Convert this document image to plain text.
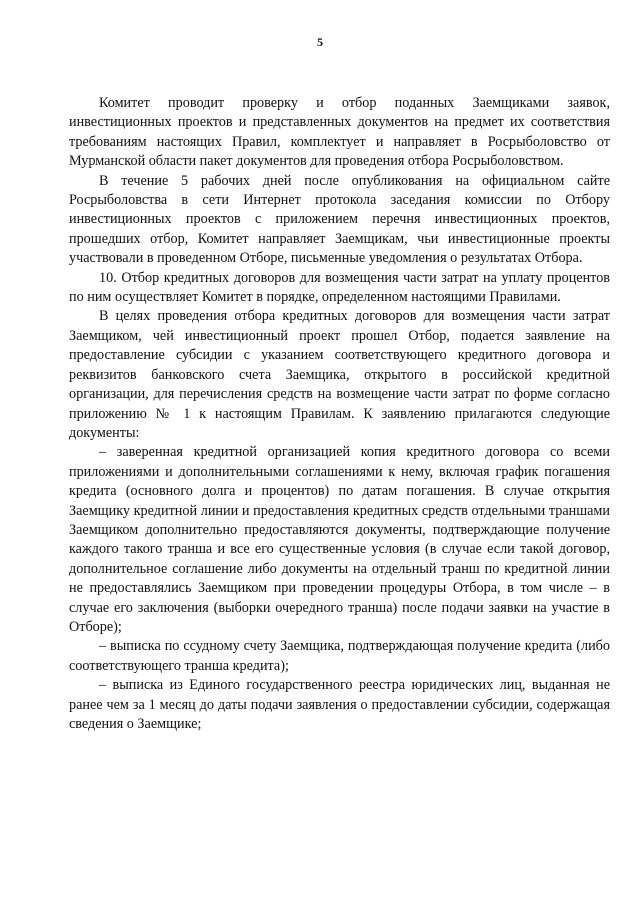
5

Комитет проводит проверку и отбор поданных Заемщиками заявок, инвестиционных проектов и представленных документов на предмет их соответствия требованиям настоящих Правил, комплектует и направляет в Росрыболовство от Мурманской области пакет документов для проведения отбора Росрыболовством.

В течение 5 рабочих дней после опубликования на официальном сайте Росрыболовства в сети Интернет протокола заседания комиссии по Отбору инвестиционных проектов с приложением перечня инвестиционных проектов, прошедших отбор, Комитет направляет Заемщикам, чьи инвестиционные проекты участвовали в проведенном Отборе, письменные уведомления о результатах Отбора.

10. Отбор кредитных договоров для возмещения части затрат на уплату процентов по ним осуществляет Комитет в порядке, определенном настоящими Правилами.

В целях проведения отбора кредитных договоров для возмещения части затрат Заемщиком, чей инвестиционный проект прошел Отбор, подается заявление на предоставление субсидии с указанием соответствующего кредитного договора и реквизитов банковского счета Заемщика, открытого в российской кредитной организации, для перечисления средств на возмещение части затрат по форме согласно приложению № 1 к настоящим Правилам. К заявлению прилагаются следующие документы:

– заверенная кредитной организацией копия кредитного договора со всеми приложениями и дополнительными соглашениями к нему, включая график погашения кредита (основного долга и процентов) по датам погашения. В случае открытия Заемщику кредитной линии и предоставления кредитных средств отдельными траншами Заемщиком дополнительно предоставляются документы, подтверждающие получение каждого такого транша и все его существенные условия (в случае если такой договор, дополнительное соглашение либо документы на отдельный транш по кредитной линии не предоставлялись Заемщиком при проведении процедуры Отбора, в том числе – в случае его заключения (выборки очередного транша) после подачи заявки на участие в Отборе);

– выписка по ссудному счету Заемщика, подтверждающая получение кредита (либо соответствующего транша кредита);

– выписка из Единого государственного реестра юридических лиц, выданная не ранее чем за 1 месяц до даты подачи заявления о предоставлении субсидии, содержащая сведения о Заемщике;
